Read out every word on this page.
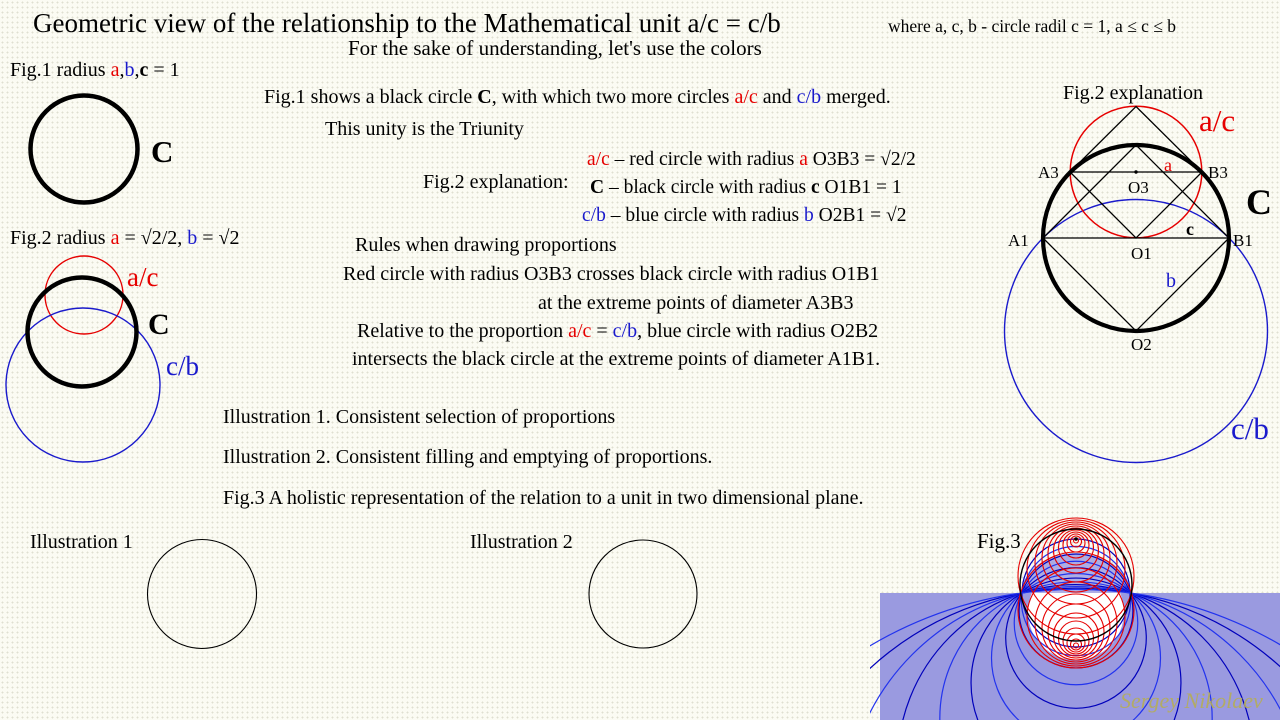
Geometric view of the relationship to the Mathematical unit a/c = c/b	where a, c, b - circle radil c = 1, a ≤ c ≤ b
For the sake of understanding, let's use the colors
Fig.1 radius a,b,c = 1
Fig.2 radius a = √2/2, b = √2
Fig.1 shows a black circle C, with which two more circles a/c and c/b merged.
This unity is the Triunity
Fig.2 explanation:
a/c – red circle with radius a O3B3 = √2/2
C – black circle with radius c O1B1 = 1
c/b – blue circle with radius b O2B1 = √2
Rules when drawing proportions
Red circle with radius O3B3 crosses black circle with radius O1B1
at the extreme points of diameter A3B3
Relative to the proportion a/c = c/b, blue circle with radius O2B2
intersects the black circle at the extreme points of diameter A1B1.
Illustration 1. Consistent selection of proportions
Illustration 2. Consistent filling and emptying of proportions.
Fig.3 A holistic representation of the relation to a unit in two dimensional plane.
Illustration 1	Illustration 2	Fig.3
Fig.2 explanation
C
a/c
C
c/b
a/c
C
A3	B3
O3
a
A1	B1
O1
c
b
O2
c/b
Sergey Nikolaev
